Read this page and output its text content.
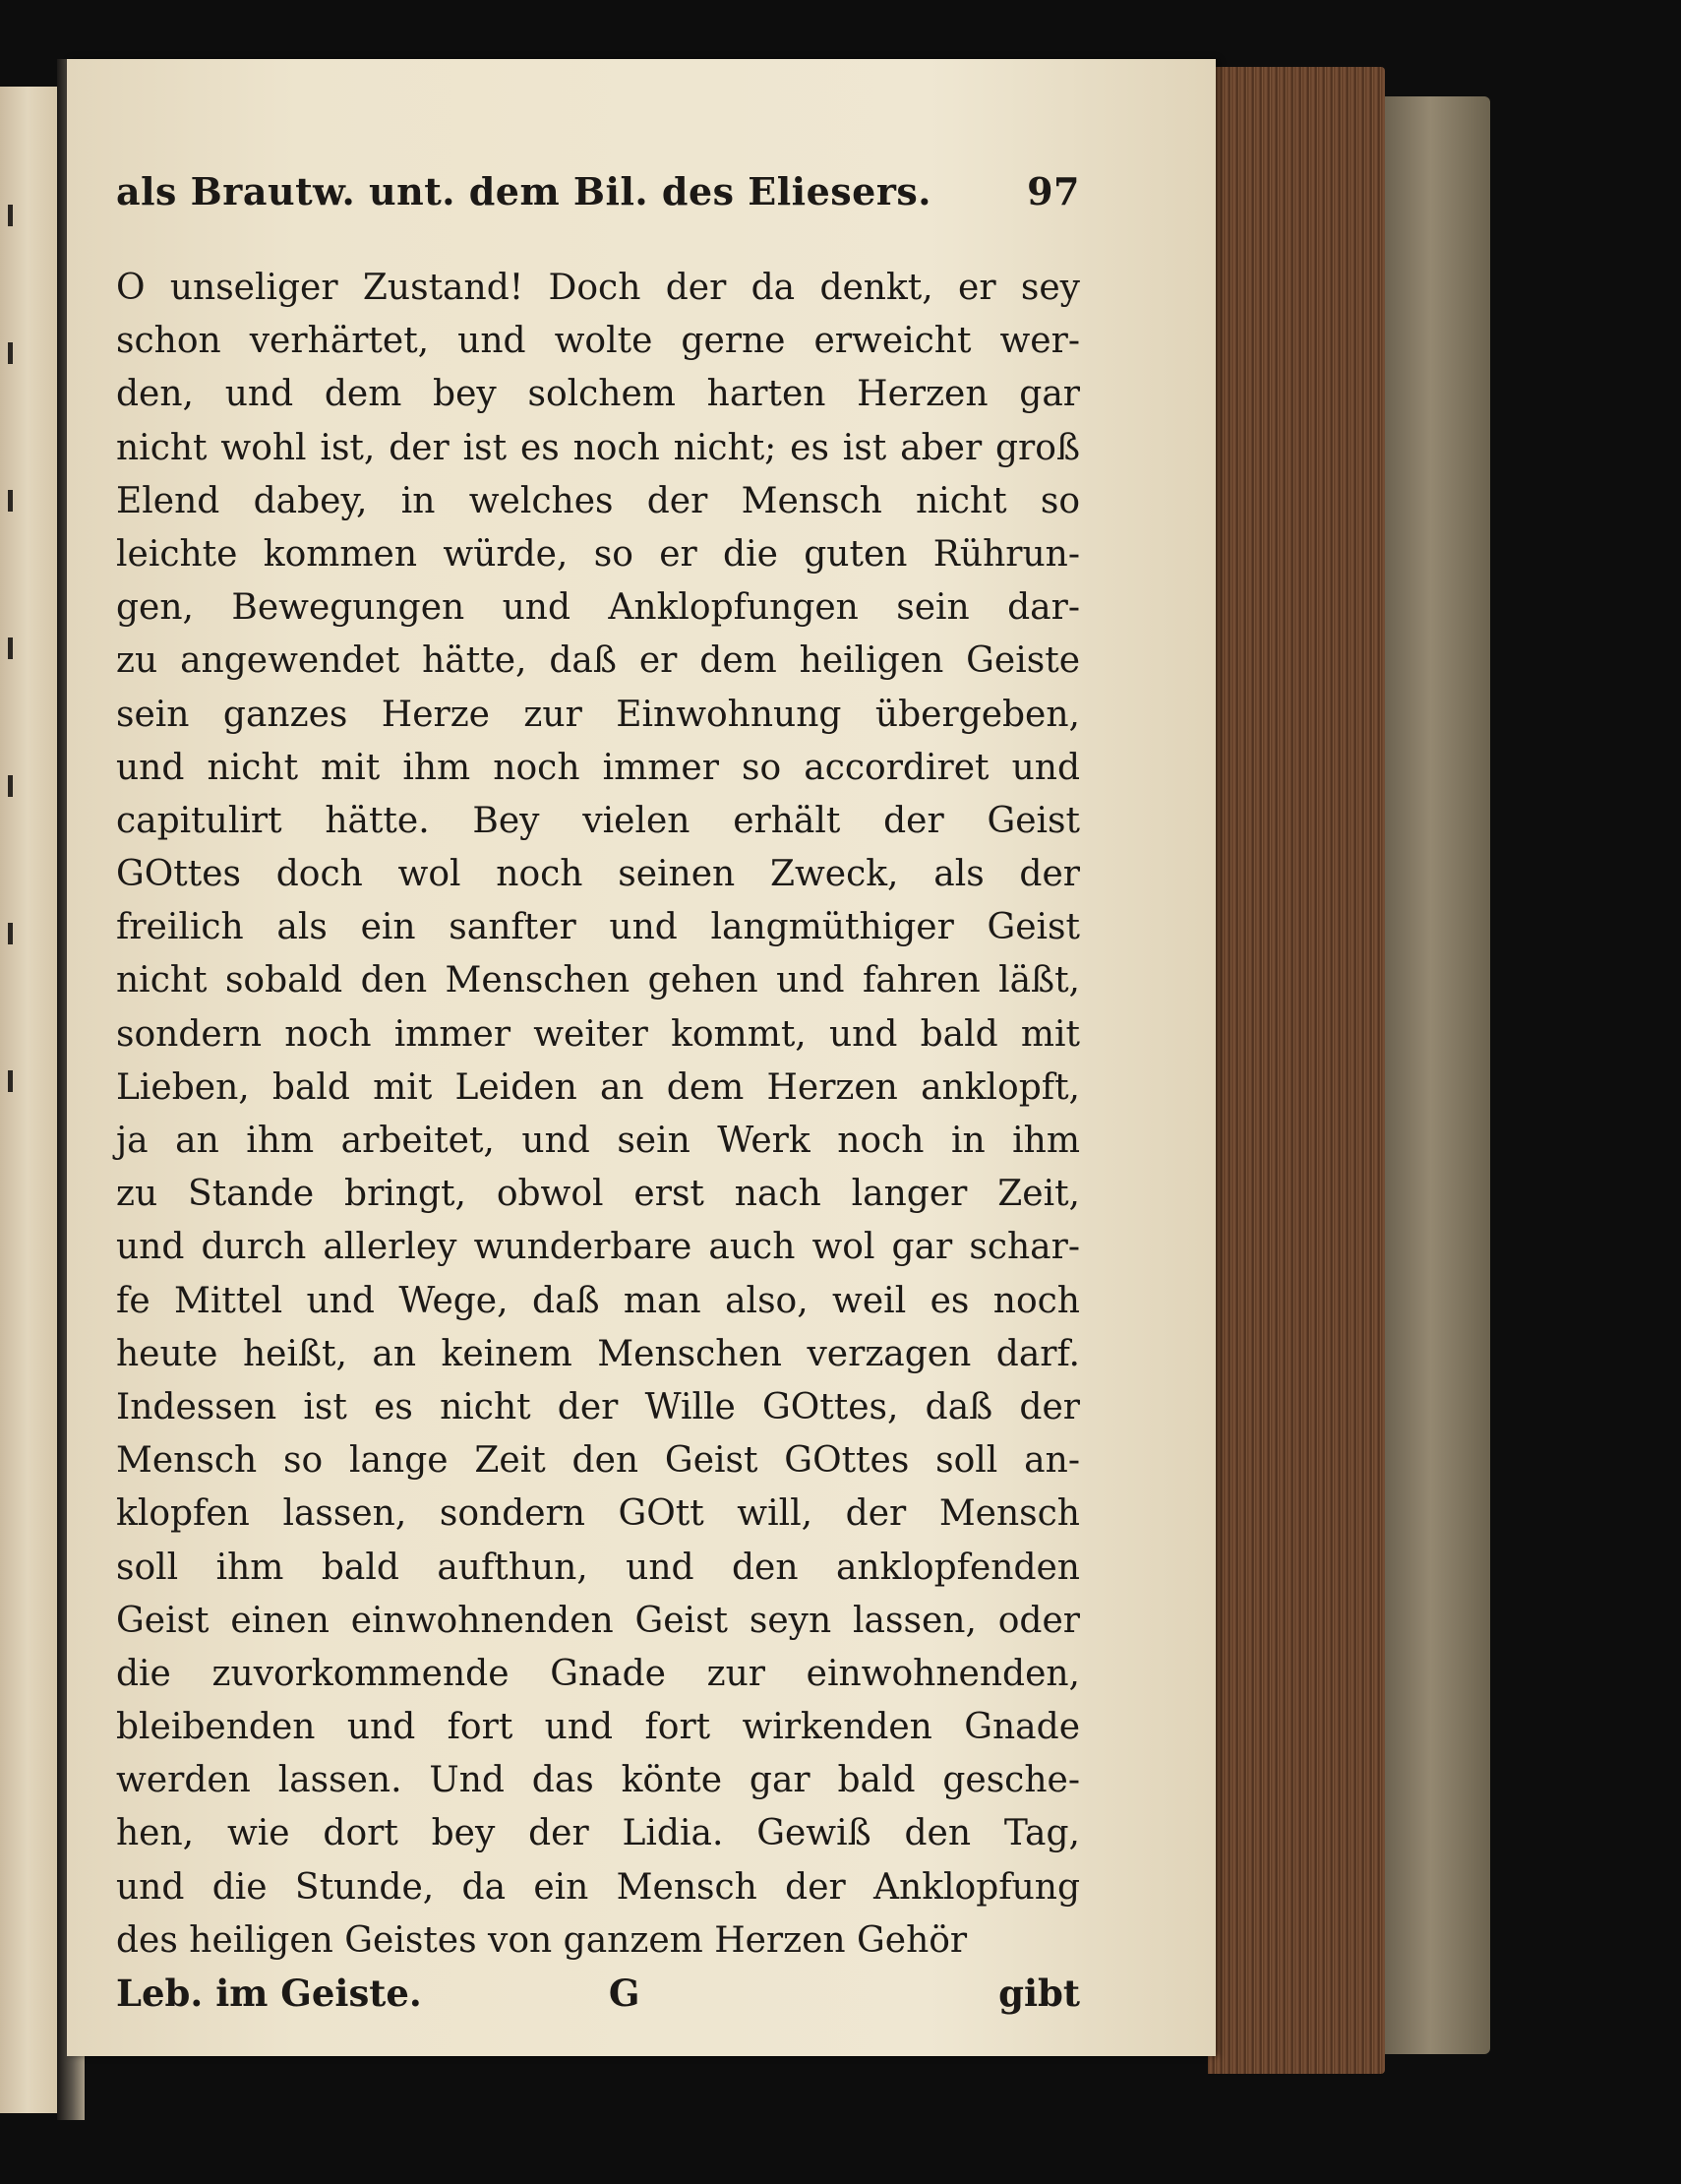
als Brautw. unt. dem Bil. des Eliesers.	97
O unseliger Zustand! Doch der da denkt, er sey
schon verhärtet, und wolte gerne erweicht wer-
den, und dem bey solchem harten Herzen gar
nicht wohl ist, der ist es noch nicht; es ist aber groß
Elend dabey, in welches der Mensch nicht so
leichte kommen würde, so er die guten Rührun-
gen, Bewegungen und Anklopfungen sein dar-
zu angewendet hätte, daß er dem heiligen Geiste
sein ganzes Herze zur Einwohnung übergeben,
und nicht mit ihm noch immer so accordiret und
capitulirt hätte. Bey vielen erhält der Geist
GOttes doch wol noch seinen Zweck, als der
freilich als ein sanfter und langmüthiger Geist
nicht sobald den Menschen gehen und fahren läßt,
sondern noch immer weiter kommt, und bald mit
Lieben, bald mit Leiden an dem Herzen anklopft,
ja an ihm arbeitet, und sein Werk noch in ihm
zu Stande bringt, obwol erst nach langer Zeit,
und durch allerley wunderbare auch wol gar schar-
fe Mittel und Wege, daß man also, weil es noch
heute heißt, an keinem Menschen verzagen darf.
Indessen ist es nicht der Wille GOttes, daß der
Mensch so lange Zeit den Geist GOttes soll an-
klopfen lassen, sondern GOtt will, der Mensch
soll ihm bald aufthun, und den anklopfenden
Geist einen einwohnenden Geist seyn lassen, oder
die zuvorkommende Gnade zur einwohnenden,
bleibenden und fort und fort wirkenden Gnade
werden lassen. Und das könte gar bald gesche-
hen, wie dort bey der Lidia. Gewiß den Tag,
und die Stunde, da ein Mensch der Anklopfung
des heiligen Geistes von ganzem Herzen Gehör
Leb. im Geiste.	G	gibt
